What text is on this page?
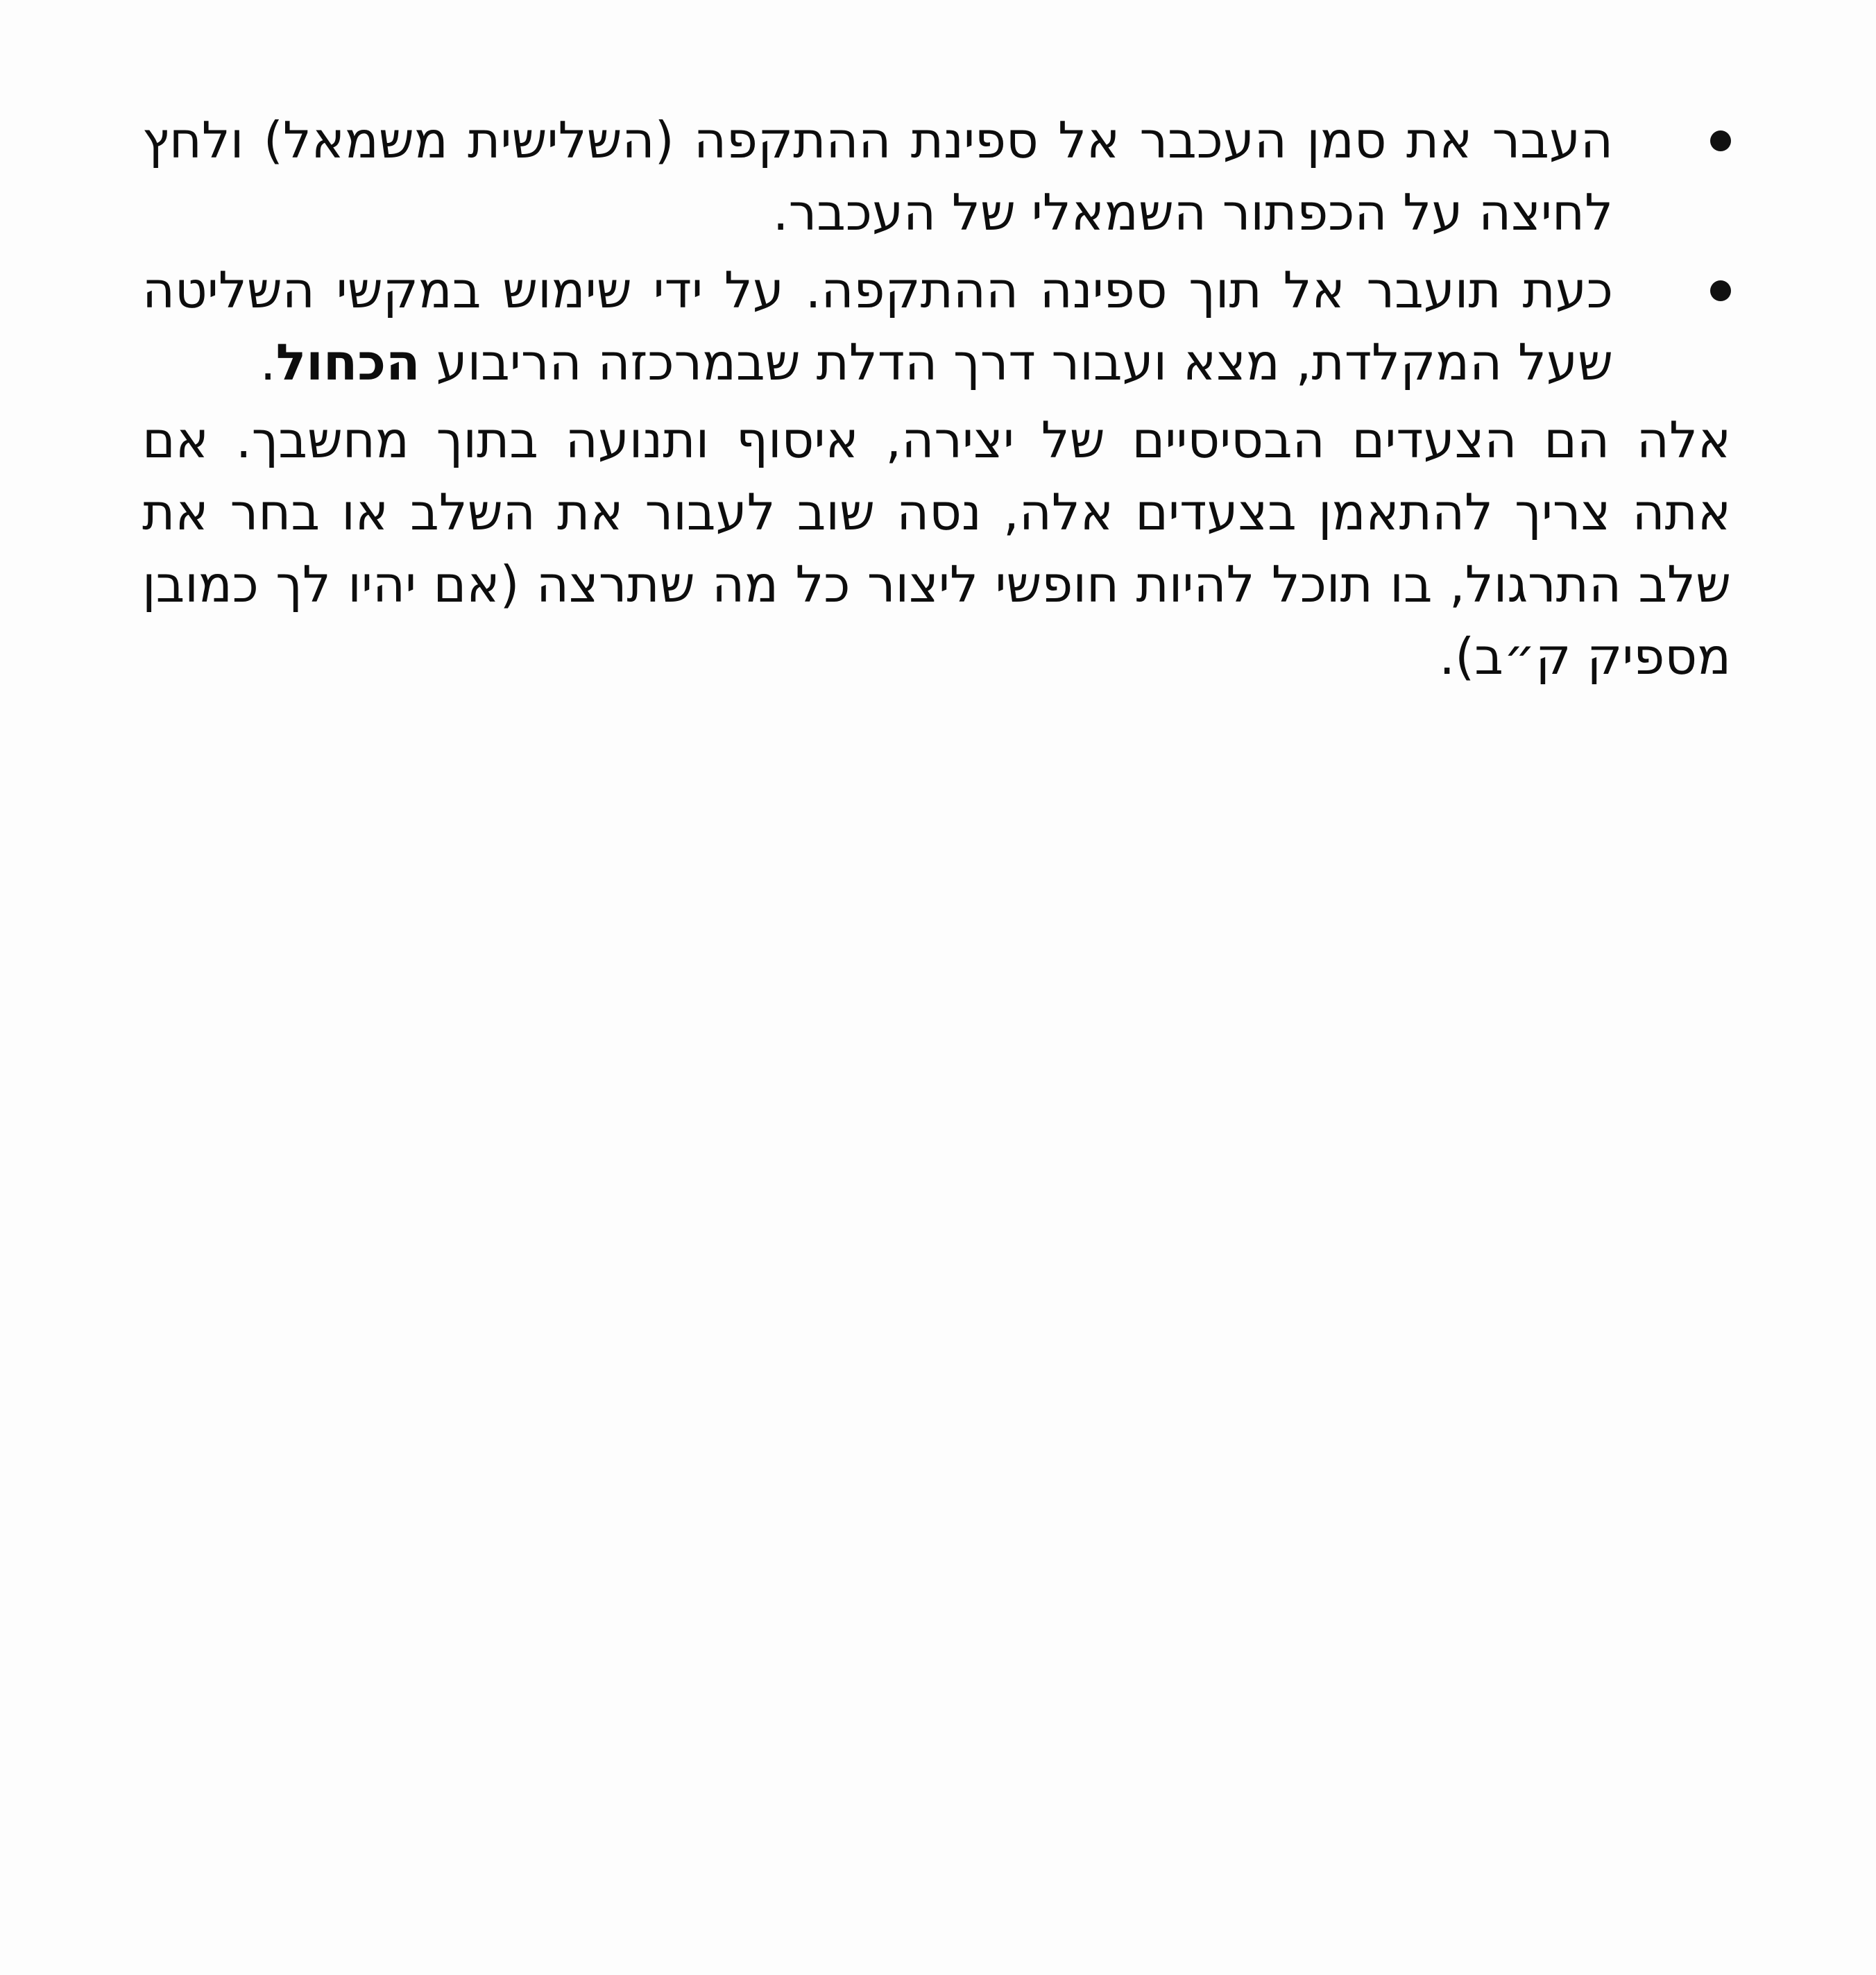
העבר את סמן העכבר אל ספינת ההתקפה (השלישית משמאל) ולחץ לחיצה על הכפתור השמאלי של העכבר.
כעת תועבר אל תוך ספינה ההתקפה. על ידי שימוש במקשי השליטה שעל המקלדת, מצא ועבור דרך הדלת שבמרכזה הריבוע הכחול.

אלה הם הצעדים הבסיסיים של יצירה, איסוף ותנועה בתוך מחשבך. אם אתה צריך להתאמן בצעדים אלה, נסה שוב לעבור את השלב או בחר את שלב התרגול, בו תוכל להיות חופשי ליצור כל מה שתרצה (אם יהיו לך כמובן מספיק ק״ב).
